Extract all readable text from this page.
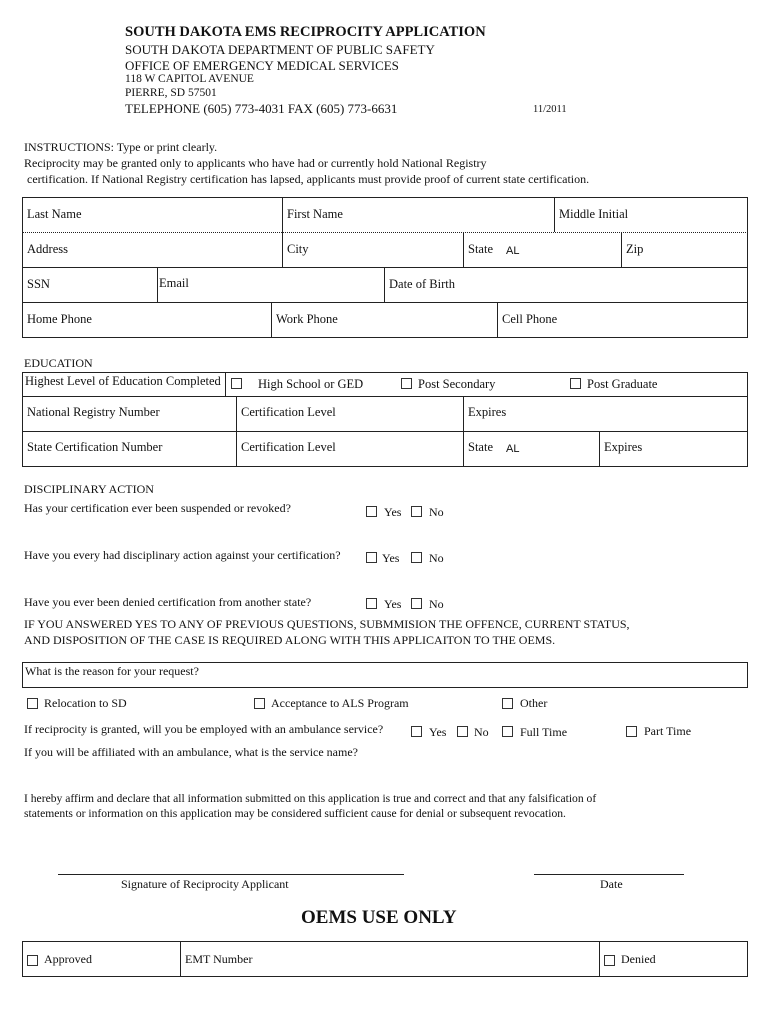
SOUTH DAKOTA EMS RECIPROCITY APPLICATION
SOUTH DAKOTA DEPARTMENT OF PUBLIC SAFETY
OFFICE OF EMERGENCY MEDICAL SERVICES
118 W CAPITOL AVENUE
PIERRE, SD 57501
TELEPHONE (605) 773-4031 FAX (605) 773-6631	11/2011
INSTRUCTIONS: Type or print clearly.
Reciprocity may be granted only to applicants who have had or currently hold National Registry
certification. If National Registry certification has lapsed, applicants must provide proof of current state certification.
Last Name	First Name	Middle Initial
Address	City	State AL	Zip
SSN	Email	Date of Birth
Home Phone	Work Phone	Cell Phone
EDUCATION
Highest Level of Education Completed	High School or GED	Post Secondary	Post Graduate
National Registry Number	Certification Level	Expires
State Certification Number	Certification Level	State AL	Expires
DISCIPLINARY ACTION
Has your certification ever been suspended or revoked?	Yes No
Have you every had disciplinary action against your certification?	Yes No
Have you ever been denied certification from another state?	Yes No
IF YOU ANSWERED YES TO ANY OF PREVIOUS QUESTIONS, SUBMMISION THE OFFENCE, CURRENT STATUS,
AND DISPOSITION OF THE CASE IS REQUIRED ALONG WITH THIS APPLICAITON TO THE OEMS.
What is the reason for your request?
Relocation to SD	Acceptance to ALS Program	Other
If reciprocity is granted, will you be employed with an ambulance service?	Yes No	Full Time	Part Time
If you will be affiliated with an ambulance, what is the service name?
I hereby affirm and declare that all information submitted on this application is true and correct and that any falsification of
statements or information on this application may be considered sufficient cause for denial or subsequent revocation.
Signature of Reciprocity Applicant	Date
OEMS USE ONLY
Approved	EMT Number	Denied
